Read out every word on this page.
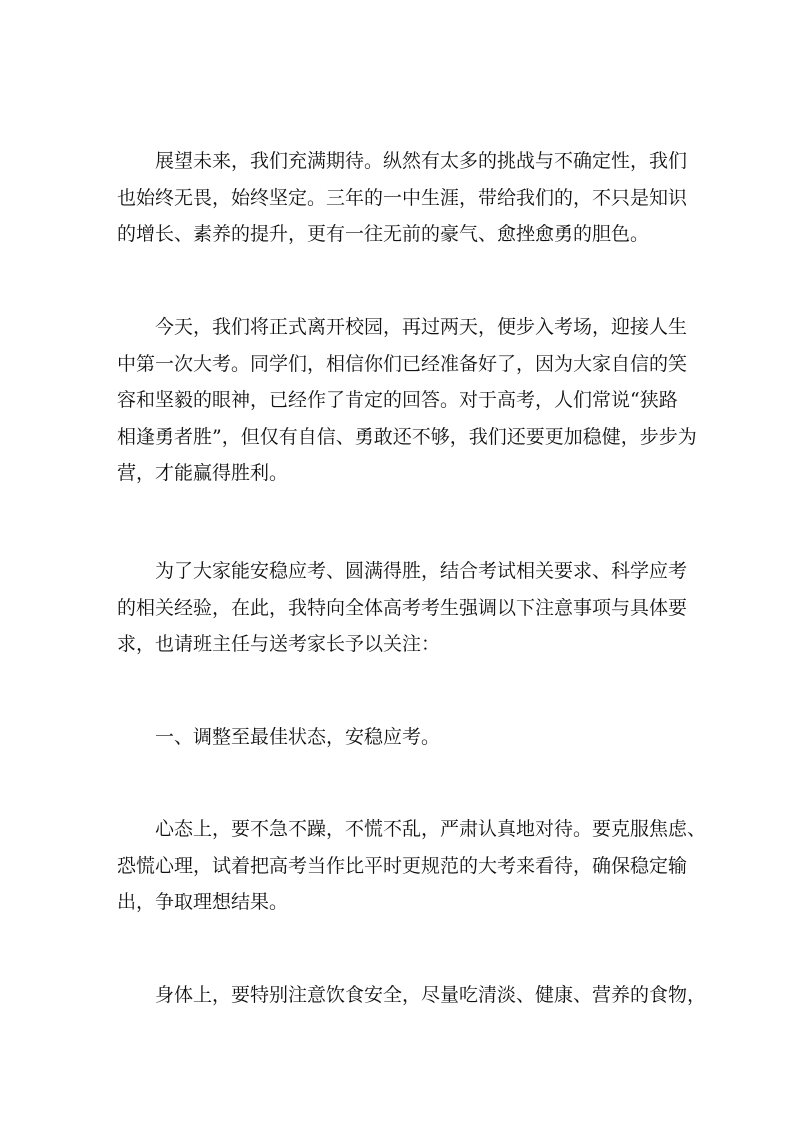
展望未来，我们充满期待。纵然有太多的挑战与不确定性，我们
也始终无畏，始终坚定。三年的一中生涯，带给我们的，不只是知识
的增长、素养的提升，更有一往无前的豪气、愈挫愈勇的胆色。
今天，我们将正式离开校园，再过两天，便步入考场，迎接人生
中第一次大考。同学们，相信你们已经准备好了，因为大家自信的笑
容和坚毅的眼神，已经作了肯定的回答。对于高考，人们常说“狭路
相逢勇者胜”，但仅有自信、勇敢还不够，我们还要更加稳健，步步为
营，才能赢得胜利。
为了大家能安稳应考、圆满得胜，结合考试相关要求、科学应考
的相关经验，在此，我特向全体高考考生强调以下注意事项与具体要
求，也请班主任与送考家长予以关注：
一、调整至最佳状态，安稳应考。
心态上，要不急不躁，不慌不乱，严肃认真地对待。要克服焦虑、
恐慌心理，试着把高考当作比平时更规范的大考来看待，确保稳定输
出，争取理想结果。
身体上，要特别注意饮食安全，尽量吃清淡、健康、营养的食物，
